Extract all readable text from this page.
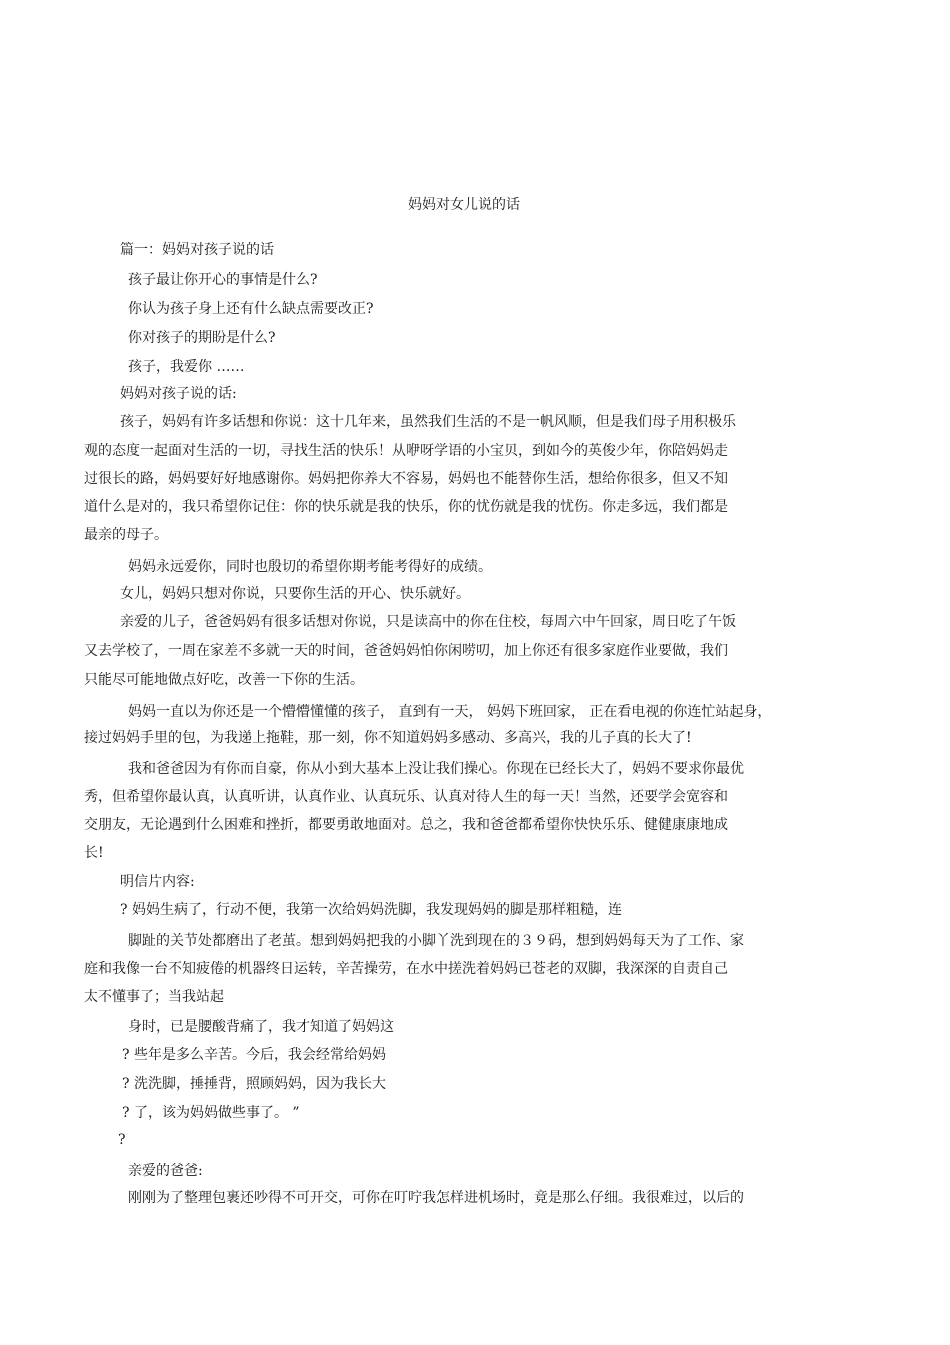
妈妈对女儿说的话
篇一：妈妈对孩子说的话
孩子最让你开心的事情是什么?
你认为孩子身上还有什么缺点需要改正?
你对孩子的期盼是什么?
孩子，我爱你 ……
妈妈对孩子说的话:
孩子，妈妈有许多话想和你说：这十几年来，虽然我们生活的不是一帆风顺，但是我们母子用积极乐
观的态度一起面对生活的一切，寻找生活的快乐！从咿呀学语的小宝贝，到如今的英俊少年，你陪妈妈走
过很长的路，妈妈要好好地感谢你。妈妈把你养大不容易，妈妈也不能替你生活，想给你很多，但又不知
道什么是对的，我只希望你记住：你的快乐就是我的快乐，你的忧伤就是我的忧伤。你走多远，我们都是
最亲的母子。
妈妈永远爱你，同时也殷切的希望你期考能考得好的成绩。
女儿，妈妈只想对你说，只要你生活的开心、快乐就好。
亲爱的儿子，爸爸妈妈有很多话想对你说，只是读高中的你在住校，每周六中午回家，周日吃了午饭
又去学校了，一周在家差不多就一天的时间，爸爸妈妈怕你闲唠叨，加上你还有很多家庭作业要做，我们
只能尽可能地做点好吃，改善一下你的生活。
妈妈一直以为你还是一个懵懵懂懂的孩子， 直到有一天， 妈妈下班回家， 正在看电视的你连忙站起身，
接过妈妈手里的包，为我递上拖鞋，那一刻，你不知道妈妈多感动、多高兴，我的儿子真的长大了!
我和爸爸因为有你而自豪，你从小到大基本上没让我们操心。你现在已经长大了，妈妈不要求你最优
秀，但希望你最认真，认真听讲，认真作业、认真玩乐、认真对待人生的每一天！当然，还要学会宽容和
交朋友，无论遇到什么困难和挫折，都要勇敢地面对。总之，我和爸爸都希望你快快乐乐、健健康康地成
长!
明信片内容:
? 妈妈生病了，行动不便，我第一次给妈妈洗脚，我发现妈妈的脚是那样粗糙，连
脚趾的关节处都磨出了老茧。想到妈妈把我的小脚丫洗到现在的３９码，想到妈妈每天为了工作、家
庭和我像一台不知疲倦的机器终日运转，辛苦操劳，在水中搓洗着妈妈已苍老的双脚，我深深的自责自己
太不懂事了；当我站起
身时，已是腰酸背痛了，我才知道了妈妈这
? 些年是多么辛苦。今后，我会经常给妈妈
? 洗洗脚，捶捶背，照顾妈妈，因为我长大
? 了，该为妈妈做些事了。 ”
?
亲爱的爸爸:
刚刚为了整理包裹还吵得不可开交，可你在叮咛我怎样进机场时，竟是那么仔细。我很难过，以后的
